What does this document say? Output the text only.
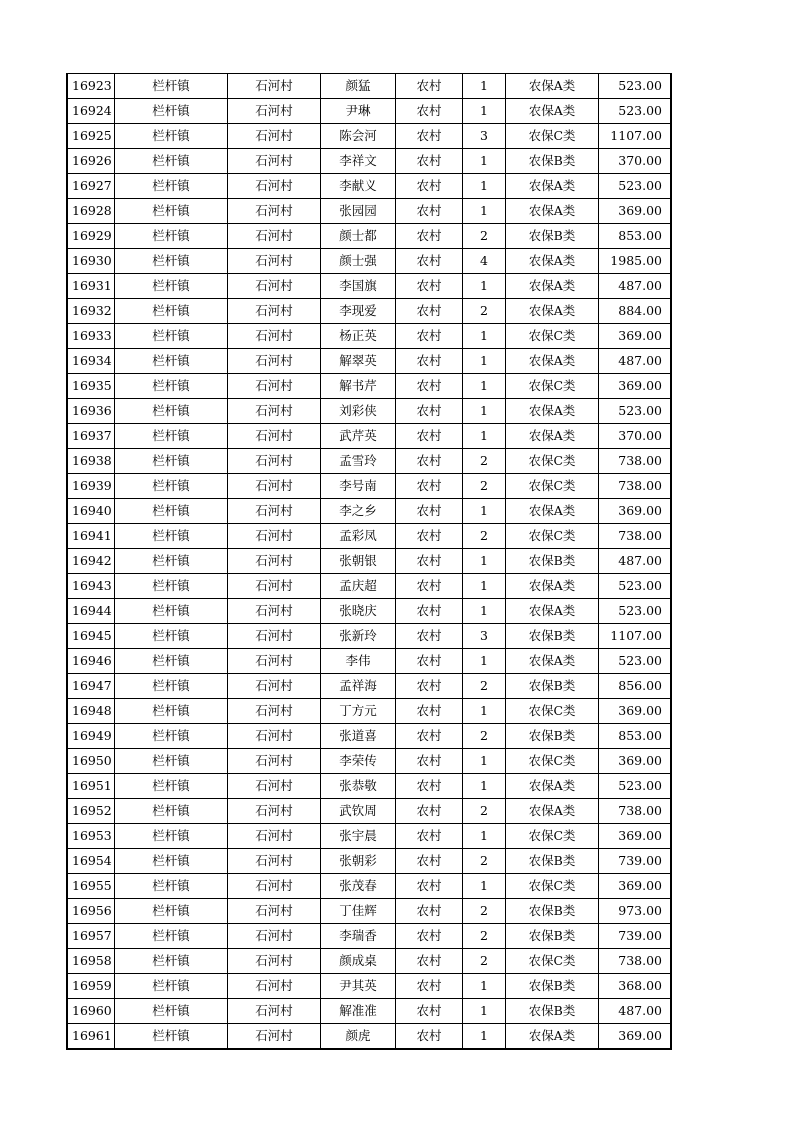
16923	栏杆镇	石河村	颜猛	农村	1	农保A类	523.00
16924	栏杆镇	石河村	尹琳	农村	1	农保A类	523.00
16925	栏杆镇	石河村	陈会河	农村	3	农保C类	1107.00
16926	栏杆镇	石河村	李祥文	农村	1	农保B类	370.00
16927	栏杆镇	石河村	李献义	农村	1	农保A类	523.00
16928	栏杆镇	石河村	张园园	农村	1	农保A类	369.00
16929	栏杆镇	石河村	颜士都	农村	2	农保B类	853.00
16930	栏杆镇	石河村	颜士强	农村	4	农保A类	1985.00
16931	栏杆镇	石河村	李国旗	农村	1	农保A类	487.00
16932	栏杆镇	石河村	李现爱	农村	2	农保A类	884.00
16933	栏杆镇	石河村	杨正英	农村	1	农保C类	369.00
16934	栏杆镇	石河村	解翠英	农村	1	农保A类	487.00
16935	栏杆镇	石河村	解书芹	农村	1	农保C类	369.00
16936	栏杆镇	石河村	刘彩侠	农村	1	农保A类	523.00
16937	栏杆镇	石河村	武芹英	农村	1	农保A类	370.00
16938	栏杆镇	石河村	孟雪玲	农村	2	农保C类	738.00
16939	栏杆镇	石河村	李号南	农村	2	农保C类	738.00
16940	栏杆镇	石河村	李之乡	农村	1	农保A类	369.00
16941	栏杆镇	石河村	孟彩凤	农村	2	农保C类	738.00
16942	栏杆镇	石河村	张朝银	农村	1	农保B类	487.00
16943	栏杆镇	石河村	孟庆超	农村	1	农保A类	523.00
16944	栏杆镇	石河村	张晓庆	农村	1	农保A类	523.00
16945	栏杆镇	石河村	张新玲	农村	3	农保B类	1107.00
16946	栏杆镇	石河村	李伟	农村	1	农保A类	523.00
16947	栏杆镇	石河村	孟祥海	农村	2	农保B类	856.00
16948	栏杆镇	石河村	丁方元	农村	1	农保C类	369.00
16949	栏杆镇	石河村	张道喜	农村	2	农保B类	853.00
16950	栏杆镇	石河村	李荣传	农村	1	农保C类	369.00
16951	栏杆镇	石河村	张恭敬	农村	1	农保A类	523.00
16952	栏杆镇	石河村	武钦周	农村	2	农保A类	738.00
16953	栏杆镇	石河村	张宇晨	农村	1	农保C类	369.00
16954	栏杆镇	石河村	张朝彩	农村	2	农保B类	739.00
16955	栏杆镇	石河村	张茂春	农村	1	农保C类	369.00
16956	栏杆镇	石河村	丁佳辉	农村	2	农保B类	973.00
16957	栏杆镇	石河村	李瑞香	农村	2	农保B类	739.00
16958	栏杆镇	石河村	颜成桌	农村	2	农保C类	738.00
16959	栏杆镇	石河村	尹其英	农村	1	农保B类	368.00
16960	栏杆镇	石河村	解准准	农村	1	农保B类	487.00
16961	栏杆镇	石河村	颜虎	农村	1	农保A类	369.00
